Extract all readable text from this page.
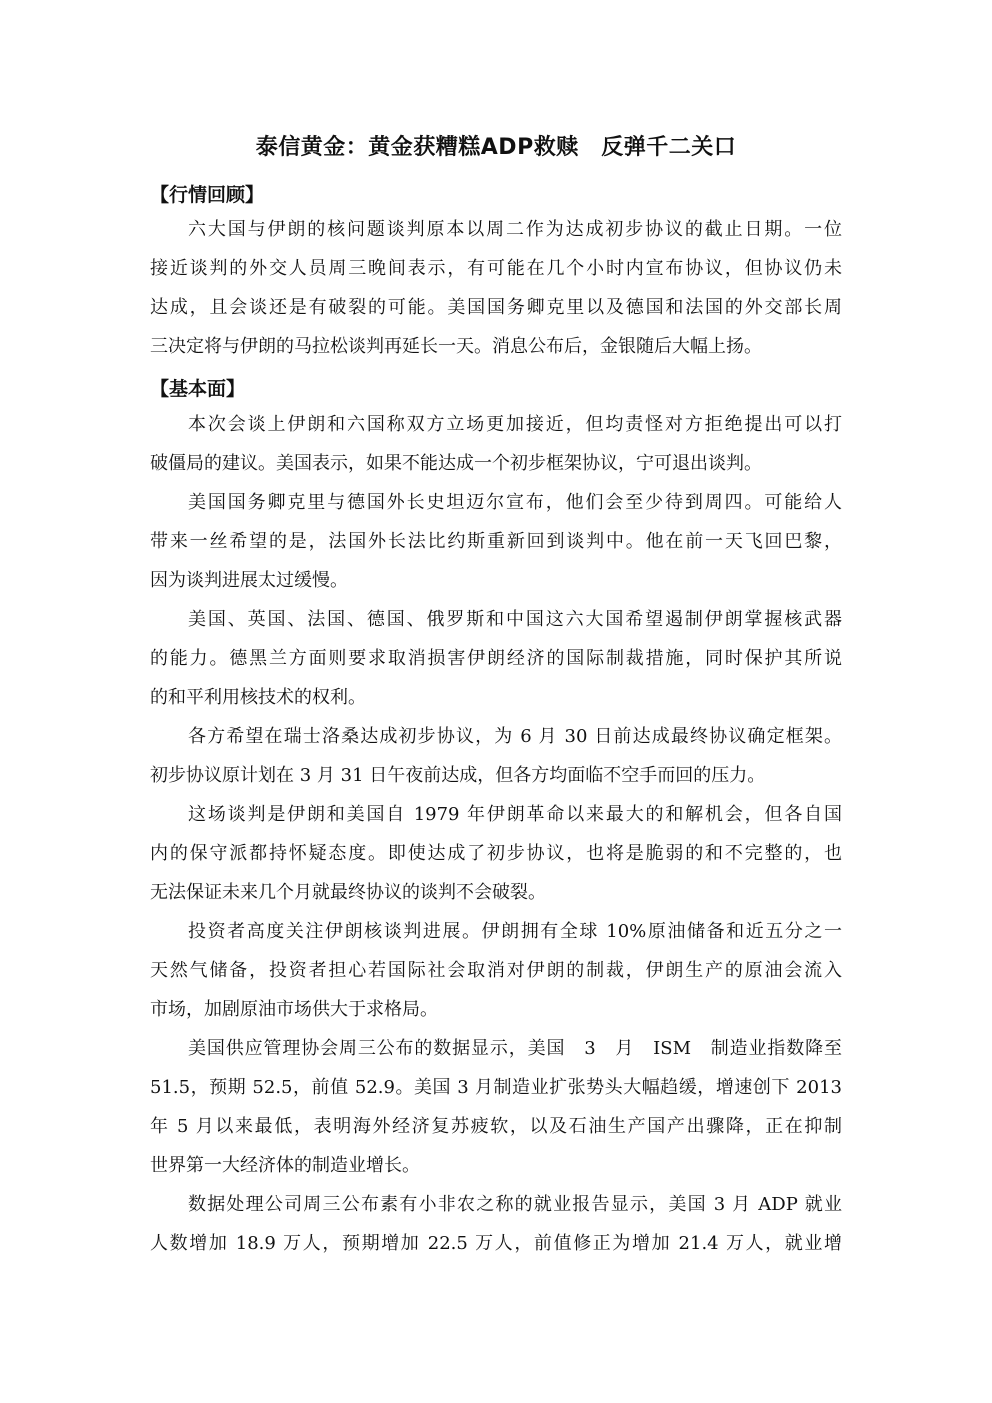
泰信黄金：黄金获糟糕ADP救赎　反弹千二关口
【行情回顾】
六大国与伊朗的核问题谈判原本以周二作为达成初步协议的截止日期。一位
接近谈判的外交人员周三晚间表示，有可能在几个小时内宣布协议，但协议仍未
达成，且会谈还是有破裂的可能。美国国务卿克里以及德国和法国的外交部长周
三决定将与伊朗的马拉松谈判再延长一天。消息公布后，金银随后大幅上扬。
【基本面】
本次会谈上伊朗和六国称双方立场更加接近，但均责怪对方拒绝提出可以打
破僵局的建议。美国表示，如果不能达成一个初步框架协议，宁可退出谈判。
美国国务卿克里与德国外长史坦迈尔宣布，他们会至少待到周四。可能给人
带来一丝希望的是，法国外长法比约斯重新回到谈判中。他在前一天飞回巴黎，
因为谈判进展太过缓慢。
美国、英国、法国、德国、俄罗斯和中国这六大国希望遏制伊朗掌握核武器
的能力。德黑兰方面则要求取消损害伊朗经济的国际制裁措施，同时保护其所说
的和平利用核技术的权利。
各方希望在瑞士洛桑达成初步协议，为 6 月 30 日前达成最终协议确定框架。
初步协议原计划在 3 月 31 日午夜前达成，但各方均面临不空手而回的压力。
这场谈判是伊朗和美国自 1979 年伊朗革命以来最大的和解机会，但各自国
内的保守派都持怀疑态度。即使达成了初步协议，也将是脆弱的和不完整的，也
无法保证未来几个月就最终协议的谈判不会破裂。
投资者高度关注伊朗核谈判进展。伊朗拥有全球 10%原油储备和近五分之一
天然气储备，投资者担心若国际社会取消对伊朗的制裁，伊朗生产的原油会流入
市场，加剧原油市场供大于求格局。
美国供应管理协会周三公布的数据显示，美国　3　月　ISM　制造业指数降至
51.5，预期 52.5，前值 52.9。美国 3 月制造业扩张势头大幅趋缓，增速创下 2013
年 5 月以来最低，表明海外经济复苏疲软，以及石油生产国产出骤降，正在抑制
世界第一大经济体的制造业增长。
数据处理公司周三公布素有小非农之称的就业报告显示，美国 3 月 ADP 就业
人数增加 18.9 万人，预期增加 22.5 万人，前值修正为增加 21.4 万人，就业增
